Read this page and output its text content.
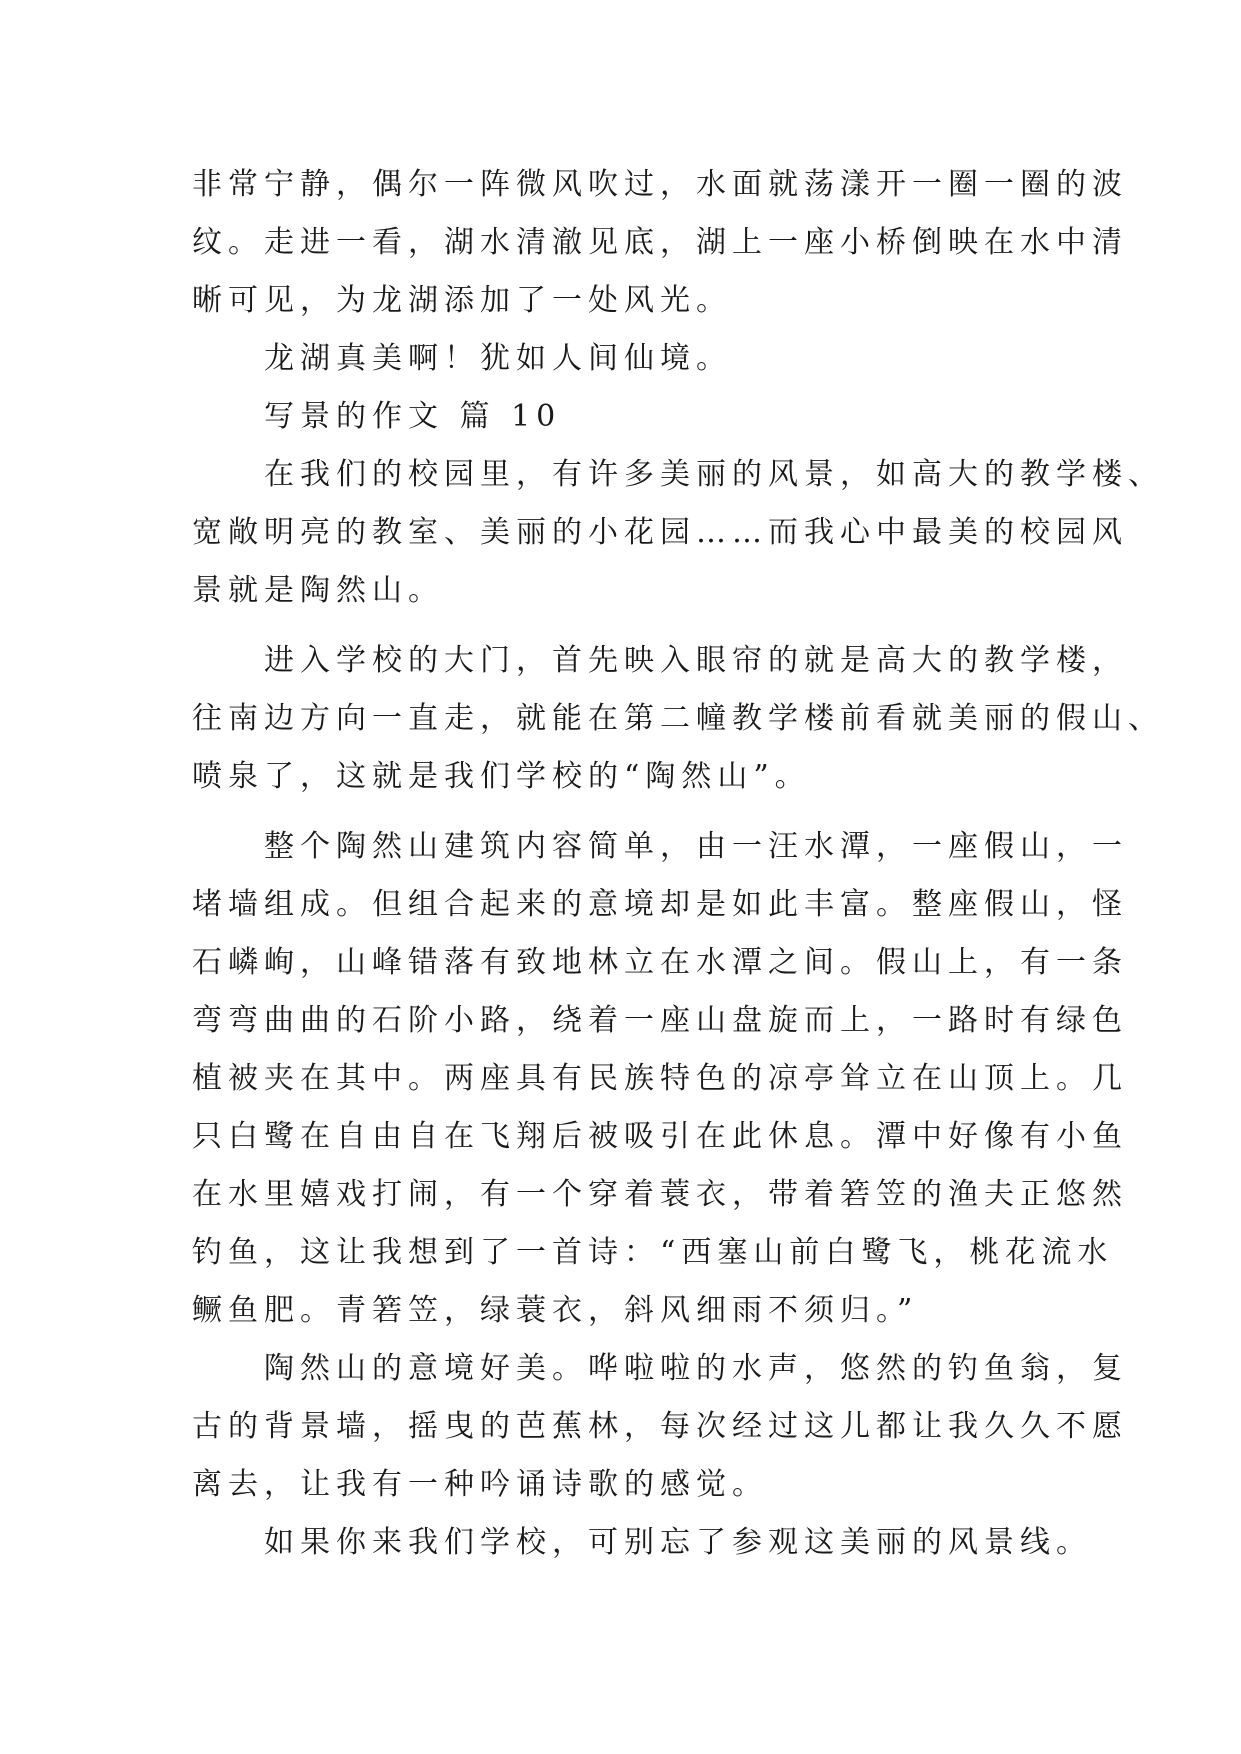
非常宁静，偶尔一阵微风吹过，水面就荡漾开一圈一圈的波
纹。走进一看，湖水清澈见底，湖上一座小桥倒映在水中清
晰可见，为龙湖添加了一处风光。
　　龙湖真美啊！犹如人间仙境。
　　写景的作文 篇 10
　　在我们的校园里，有许多美丽的风景，如高大的教学楼、
宽敞明亮的教室、美丽的小花园……而我心中最美的校园风
景就是陶然山。
　　进入学校的大门，首先映入眼帘的就是高大的教学楼，
往南边方向一直走，就能在第二幢教学楼前看就美丽的假山、
喷泉了，这就是我们学校的“陶然山”。
　　整个陶然山建筑内容简单，由一汪水潭，一座假山，一
堵墙组成。但组合起来的意境却是如此丰富。整座假山，怪
石嶙峋，山峰错落有致地林立在水潭之间。假山上，有一条
弯弯曲曲的石阶小路，绕着一座山盘旋而上，一路时有绿色
植被夹在其中。两座具有民族特色的凉亭耸立在山顶上。几
只白鹭在自由自在飞翔后被吸引在此休息。潭中好像有小鱼
在水里嬉戏打闹，有一个穿着蓑衣，带着箬笠的渔夫正悠然
钓鱼，这让我想到了一首诗：“西塞山前白鹭飞，桃花流水
鳜鱼肥。青箬笠，绿蓑衣，斜风细雨不须归。”
　　陶然山的意境好美。哗啦啦的水声，悠然的钓鱼翁，复
古的背景墙，摇曳的芭蕉林，每次经过这儿都让我久久不愿
离去，让我有一种吟诵诗歌的感觉。
　　如果你来我们学校，可别忘了参观这美丽的风景线。
